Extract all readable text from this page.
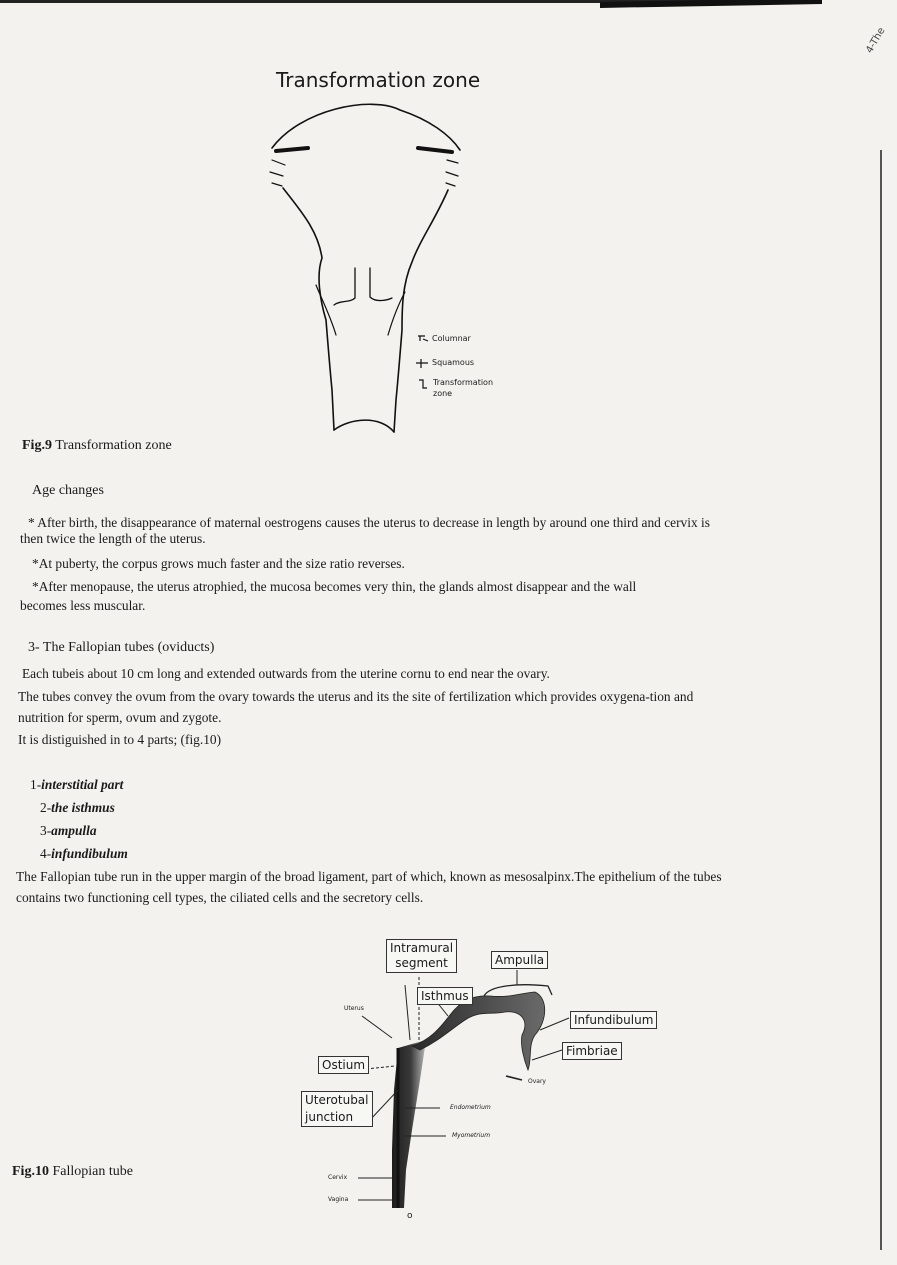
4-The
Transformation zone
Columnar
Squamous
Transformation
zone
Fig.9 Transformation zone
Age changes
* After birth, the disappearance of maternal oestrogens causes the uterus to decrease in length by around one third and cervix is
then twice the length of the uterus.
*At puberty, the corpus grows much faster and the size ratio reverses.
*After menopause, the uterus atrophied, the mucosa becomes very thin, the glands almost disappear and the wall
becomes less muscular.
3- The Fallopian tubes (oviducts)
Each tubeis about 10 cm long and extended outwards from the uterine cornu to end near the ovary.
The tubes convey the ovum from the ovary towards the uterus and its the site of fertilization which provides oxygena-tion and
nutrition for sperm, ovum and zygote.
It is distiguished in to 4 parts; (fig.10)
1-interstitial part
2-the isthmus
3-ampulla
4-infundibulum
The Fallopian tube run in the upper margin of the broad ligament, part of which, known as mesosalpinx.The epithelium of the tubes
contains two functioning cell types, the ciliated cells and the secretory cells.
Intramural
segment	Ampulla
Isthmus
Infundibulum
Fimbriae
Ostium
Uterotubal
junction
Uterus
Ovary
Endometrium
Myometrium
Cervix
Vagina
o
Fig.10 Fallopian tube
